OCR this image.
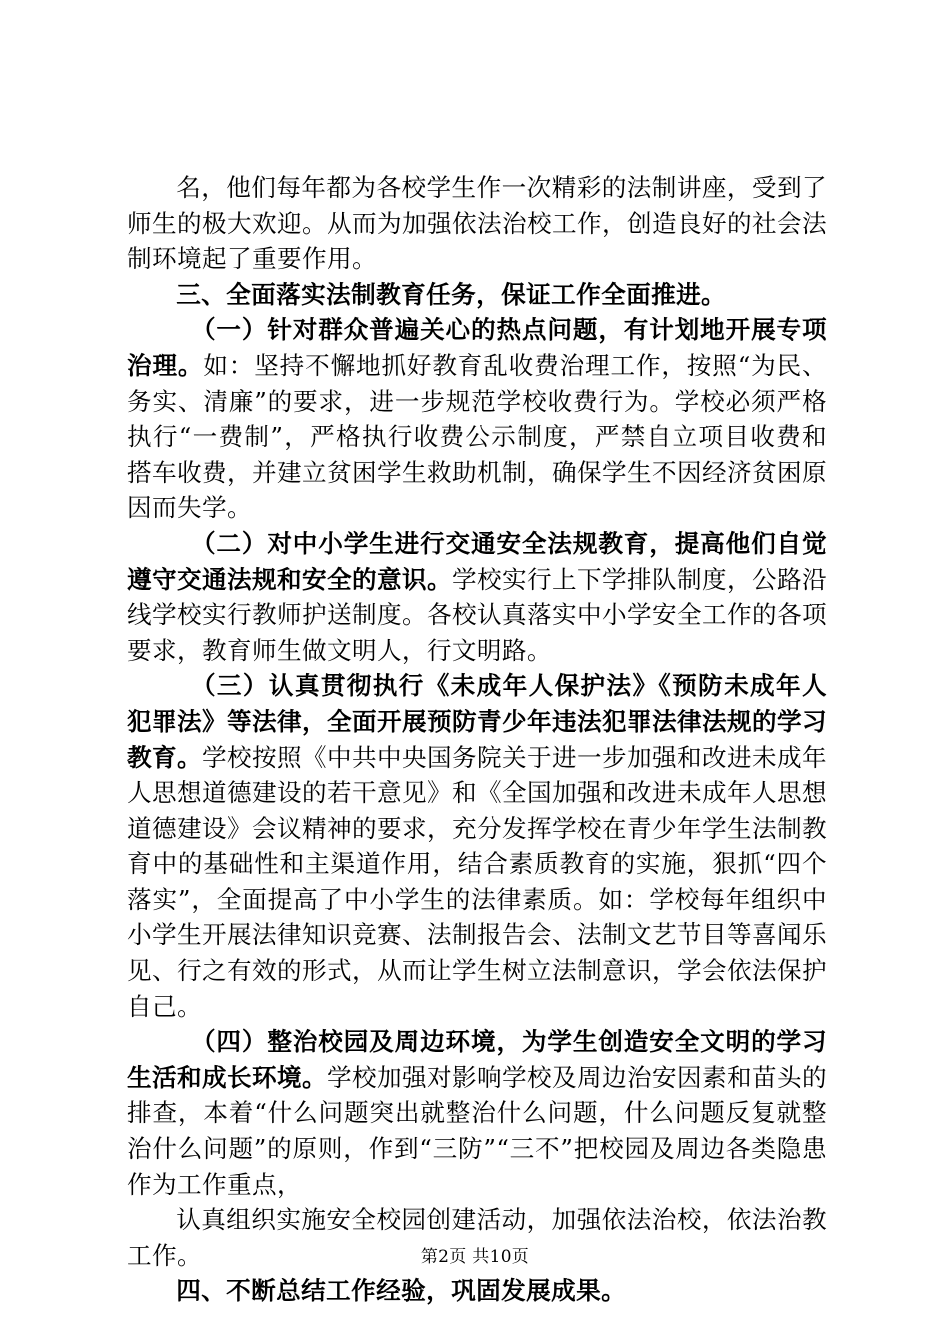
名，他们每年都为各校学生作一次精彩的法制讲座，受到了师生的极大欢迎。从而为加强依法治校工作，创造良好的社会法制环境起了重要作用。

三、全面落实法制教育任务，保证工作全面推进。

（一）针对群众普遍关心的热点问题，有计划地开展专项治理。如：坚持不懈地抓好教育乱收费治理工作，按照“为民、务实、清廉”的要求，进一步规范学校收费行为。学校必须严格执行“一费制”，严格执行收费公示制度，严禁自立项目收费和搭车收费，并建立贫困学生救助机制，确保学生不因经济贫困原因而失学。

（二）对中小学生进行交通安全法规教育，提高他们自觉遵守交通法规和安全的意识。学校实行上下学排队制度，公路沿线学校实行教师护送制度。各校认真落实中小学安全工作的各项要求，教育师生做文明人，行文明路。

（三）认真贯彻执行《未成年人保护法》《预防未成年人犯罪法》等法律，全面开展预防青少年违法犯罪法律法规的学习教育。学校按照《中共中央国务院关于进一步加强和改进未成年人思想道德建设的若干意见》和《全国加强和改进未成年人思想道德建设》会议精神的要求，充分发挥学校在青少年学生法制教育中的基础性和主渠道作用，结合素质教育的实施，狠抓“四个落实”，全面提高了中小学生的法律素质。如：学校每年组织中小学生开展法律知识竞赛、法制报告会、法制文艺节目等喜闻乐见、行之有效的形式，从而让学生树立法制意识，学会依法保护自己。

（四）整治校园及周边环境，为学生创造安全文明的学习生活和成长环境。学校加强对影响学校及周边治安因素和苗头的排查，本着“什么问题突出就整治什么问题，什么问题反复就整治什么问题”的原则，作到“三防”“三不”把校园及周边各类隐患作为工作重点，

认真组织实施安全校园创建活动，加强依法治校，依法治教工作。

四、不断总结工作经验，巩固发展成果。

第2页 共10页
